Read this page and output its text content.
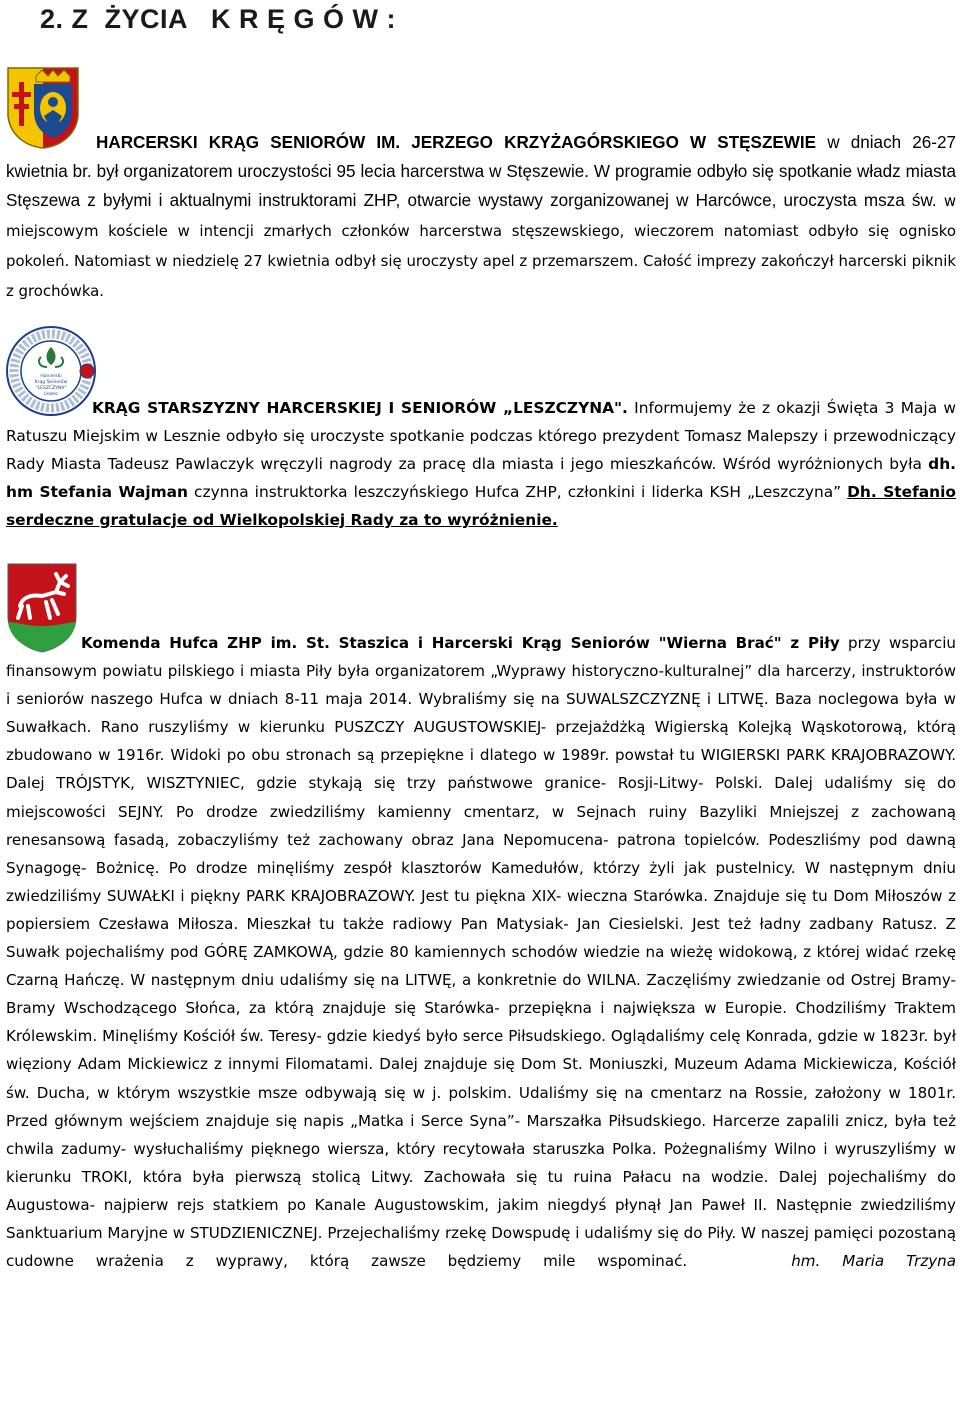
2. Z  ŻYCIA   K R Ę G Ó W :
Harcerski
Krąg Seniorów
"LESZCZYNA"
Leszno

HARCERSKI KRĄG SENIORÓW IM. JERZEGO KRZYŻAGÓRSKIEGO W STĘSZEWIE w dniach 26-27 kwietnia br. był organizatorem uroczystości 95 lecia harcerstwa w Stęszewie. W programie odbyło się spotkanie władz miasta Stęszewa z byłymi i aktualnymi instruktorami ZHP, otwarcie wystawy zorganizowanej w Harcówce, uroczysta msza św. w miejscowym kościele w intencji zmarłych członków harcerstwa stęszewskiego, wieczorem natomiast odbyło się ognisko pokoleń. Natomiast w niedzielę 27 kwietnia odbył się uroczysty apel z przemarszem. Całość imprezy zakończył harcerski piknik z grochówka.

KRĄG STARSZYZNY HARCERSKIEJ I SENIORÓW „LESZCZYNA". Informujemy że z okazji Święta 3 Maja w Ratuszu Miejskim w Lesznie odbyło się uroczyste spotkanie podczas którego prezydent Tomasz Malepszy i przewodniczący Rady Miasta Tadeusz Pawlaczyk wręczyli nagrody za pracę dla miasta i jego mieszkańców. Wśród wyróżnionych była dh. hm Stefania Wajman czynna instruktorka leszczyńskiego Hufca ZHP, członkini i liderka KSH „Leszczyna” Dh. Stefanio serdeczne gratulacje od Wielkopolskiej Rady za to wyróżnienie.

Komenda Hufca ZHP im. St. Staszica i Harcerski Krąg Seniorów "Wierna Brać" z Piły przy wsparciu finansowym powiatu pilskiego i miasta Piły była organizatorem „Wyprawy historyczno-kulturalnej” dla harcerzy, instruktorów i seniorów naszego Hufca w dniach 8-11 maja 2014. Wybraliśmy się na SUWALSZCZYZNĘ i LITWĘ. Baza noclegowa była w Suwałkach. Rano ruszyliśmy w kierunku PUSZCZY AUGUSTOWSKIEJ- przejażdżką Wigierską Kolejką Wąskotorową, którą zbudowano w 1916r. Widoki po obu stronach są przepiękne i dlatego w 1989r. powstał tu WIGIERSKI PARK KRAJOBRAZOWY. Dalej TRÓJSTYK, WISZTYNIEC, gdzie stykają się trzy państwowe granice- Rosji-Litwy- Polski. Dalej udaliśmy się do miejscowości SEJNY. Po drodze zwiedziliśmy kamienny cmentarz, w Sejnach ruiny Bazyliki Mniejszej z zachowaną renesansową fasadą, zobaczyliśmy też zachowany obraz Jana Nepomucena- patrona topielców. Podeszliśmy pod dawną Synagogę- Bożnicę. Po drodze minęliśmy zespół klasztorów Kamedułów, którzy żyli jak pustelnicy. W następnym dniu zwiedziliśmy SUWAŁKI i piękny PARK KRAJOBRAZOWY. Jest tu piękna XIX- wieczna Starówka. Znajduje się tu Dom Miłoszów z popiersiem Czesława Miłosza. Mieszkał tu także radiowy Pan Matysiak- Jan Ciesielski. Jest też ładny zadbany Ratusz. Z Suwałk pojechaliśmy pod GÓRĘ ZAMKOWĄ, gdzie 80 kamiennych schodów wiedzie na wieżę widokową, z której widać rzekę Czarną Hańczę. W następnym dniu udaliśmy się na LITWĘ, a konkretnie do WILNA. Zaczęliśmy zwiedzanie od Ostrej Bramy- Bramy Wschodzącego Słońca, za którą znajduje się Starówka- przepiękna i największa w Europie. Chodziliśmy Traktem Królewskim. Minęliśmy Kościół św. Teresy- gdzie kiedyś było serce Piłsudskiego. Oglądaliśmy celę Konrada, gdzie w 1823r. był więziony Adam Mickiewicz z innymi Filomatami. Dalej znajduje się Dom St. Moniuszki, Muzeum Adama Mickiewicza, Kościół św. Ducha, w którym wszystkie msze odbywają się w j. polskim. Udaliśmy się na cmentarz na Rossie, założony w 1801r. Przed głównym wejściem znajduje się napis „Matka i Serce Syna”- Marszałka Piłsudskiego. Harcerze zapalili znicz, była też chwila zadumy- wysłuchaliśmy pięknego wiersza, który recytowała staruszka Polka. Pożegnaliśmy Wilno i wyruszyliśmy w kierunku TROKI, która była pierwszą stolicą Litwy. Zachowała się tu ruina Pałacu na wodzie. Dalej pojechaliśmy do Augustowa- najpierw rejs statkiem po Kanale Augustowskim, jakim niegdyś płynął Jan Paweł II. Następnie zwiedziliśmy Sanktuarium Maryjne w STUDZIENICZNEJ. Przejechaliśmy rzekę Dowspudę i udaliśmy się do Piły. W naszej pamięci pozostaną cudowne wrażenia z wyprawy, którą zawsze będziemy mile wspominać.	hm. Maria Trzyna
